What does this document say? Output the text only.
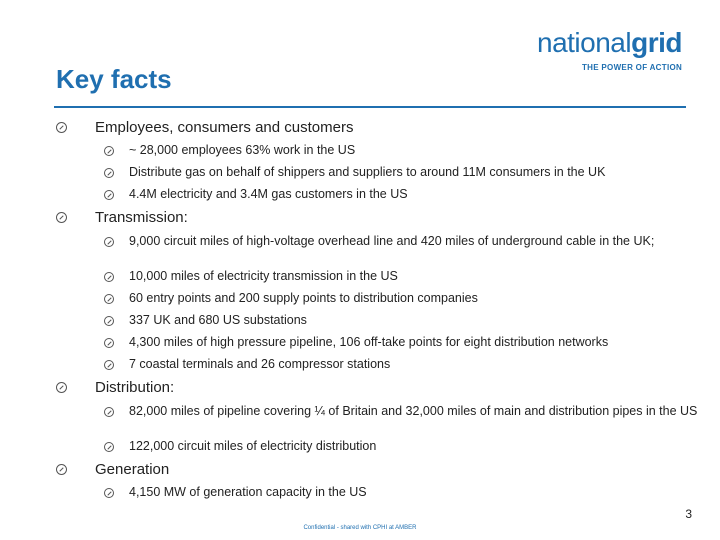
nationalgrid
THE POWER OF ACTION
Key facts
Employees, consumers and customers
~ 28,000 employees 63% work in the US
Distribute gas on behalf of shippers and suppliers to around 11M consumers in the UK
4.4M electricity and 3.4M gas customers in the US
Transmission:
9,000 circuit miles of high-voltage overhead line and 420 miles of underground cable in the UK;
10,000 miles of electricity transmission in the US
60 entry points and 200 supply points to distribution companies
337 UK and 680 US substations
4,300 miles of high pressure pipeline, 106 off-take points for eight distribution networks
7 coastal terminals and 26 compressor stations
Distribution:
82,000 miles of pipeline covering ¼ of Britain and 32,000 miles of main and distribution pipes in the US
122,000 circuit miles of electricity distribution
Generation
4,150 MW of generation capacity in the US
3
Confidential - shared with CPHI at AMBER
